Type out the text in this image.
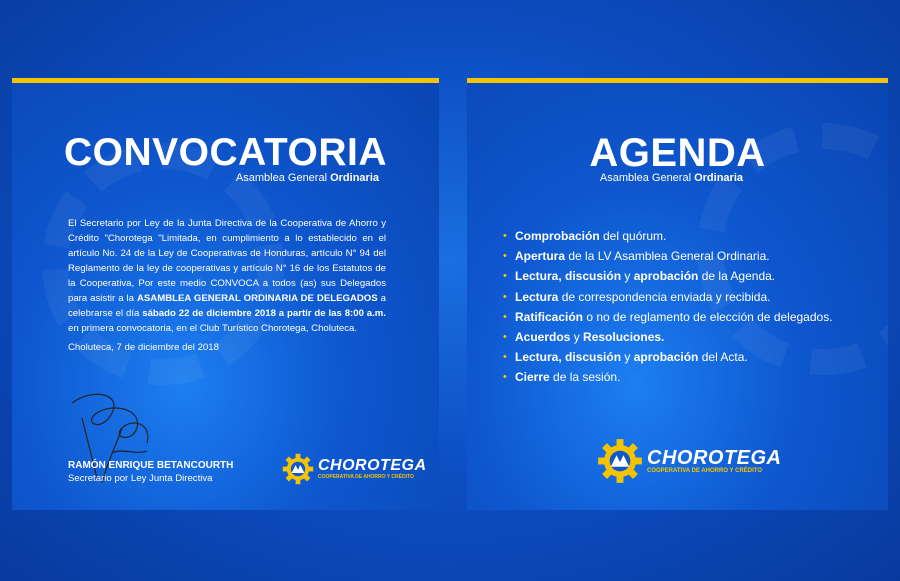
CONVOCATORIA
Asamblea General Ordinaria
El Secretario por Ley de la Junta Directiva de la Cooperativa de Ahorro y Crédito "Chorotega "Limitada, en cumplimiento a lo establecido en el artículo No. 24 de la Ley de Cooperativas de Honduras, artículo N° 94 del Reglamento de la ley de cooperativas y artículo N° 16 de los Estatutos de la Cooperativa, Por este medio CONVOCA a todos (as) sus Delegados para asistir a la ASAMBLEA GENERAL ORDINARIA DE DELEGADOS a celebrarse el día sábado 22 de diciembre 2018 a partir de las 8:00 a.m. en primera convocatoria, en el Club Turístico Chorotega, Choluteca.
Choluteca, 7 de diciembre del 2018
RAMÓN ENRIQUE BETANCOURTH
Secretario por Ley Junta Directiva
CHOROTEGA
COOPERATIVA DE AHORRO Y CRÉDITO
AGENDA
Asamblea General Ordinaria
• Comprobación del quórum.
• Apertura de la LV Asamblea General Ordinaria.
• Lectura, discusión y aprobación de la Agenda.
• Lectura de correspondencia enviada y recibida.
• Ratificación o no de reglamento de elección de delegados.
• Acuerdos y Resoluciones.
• Lectura, discusión y aprobación del Acta.
• Cierre de la sesión.
CHOROTEGA
COOPERATIVA DE AHORRO Y CRÉDITO
